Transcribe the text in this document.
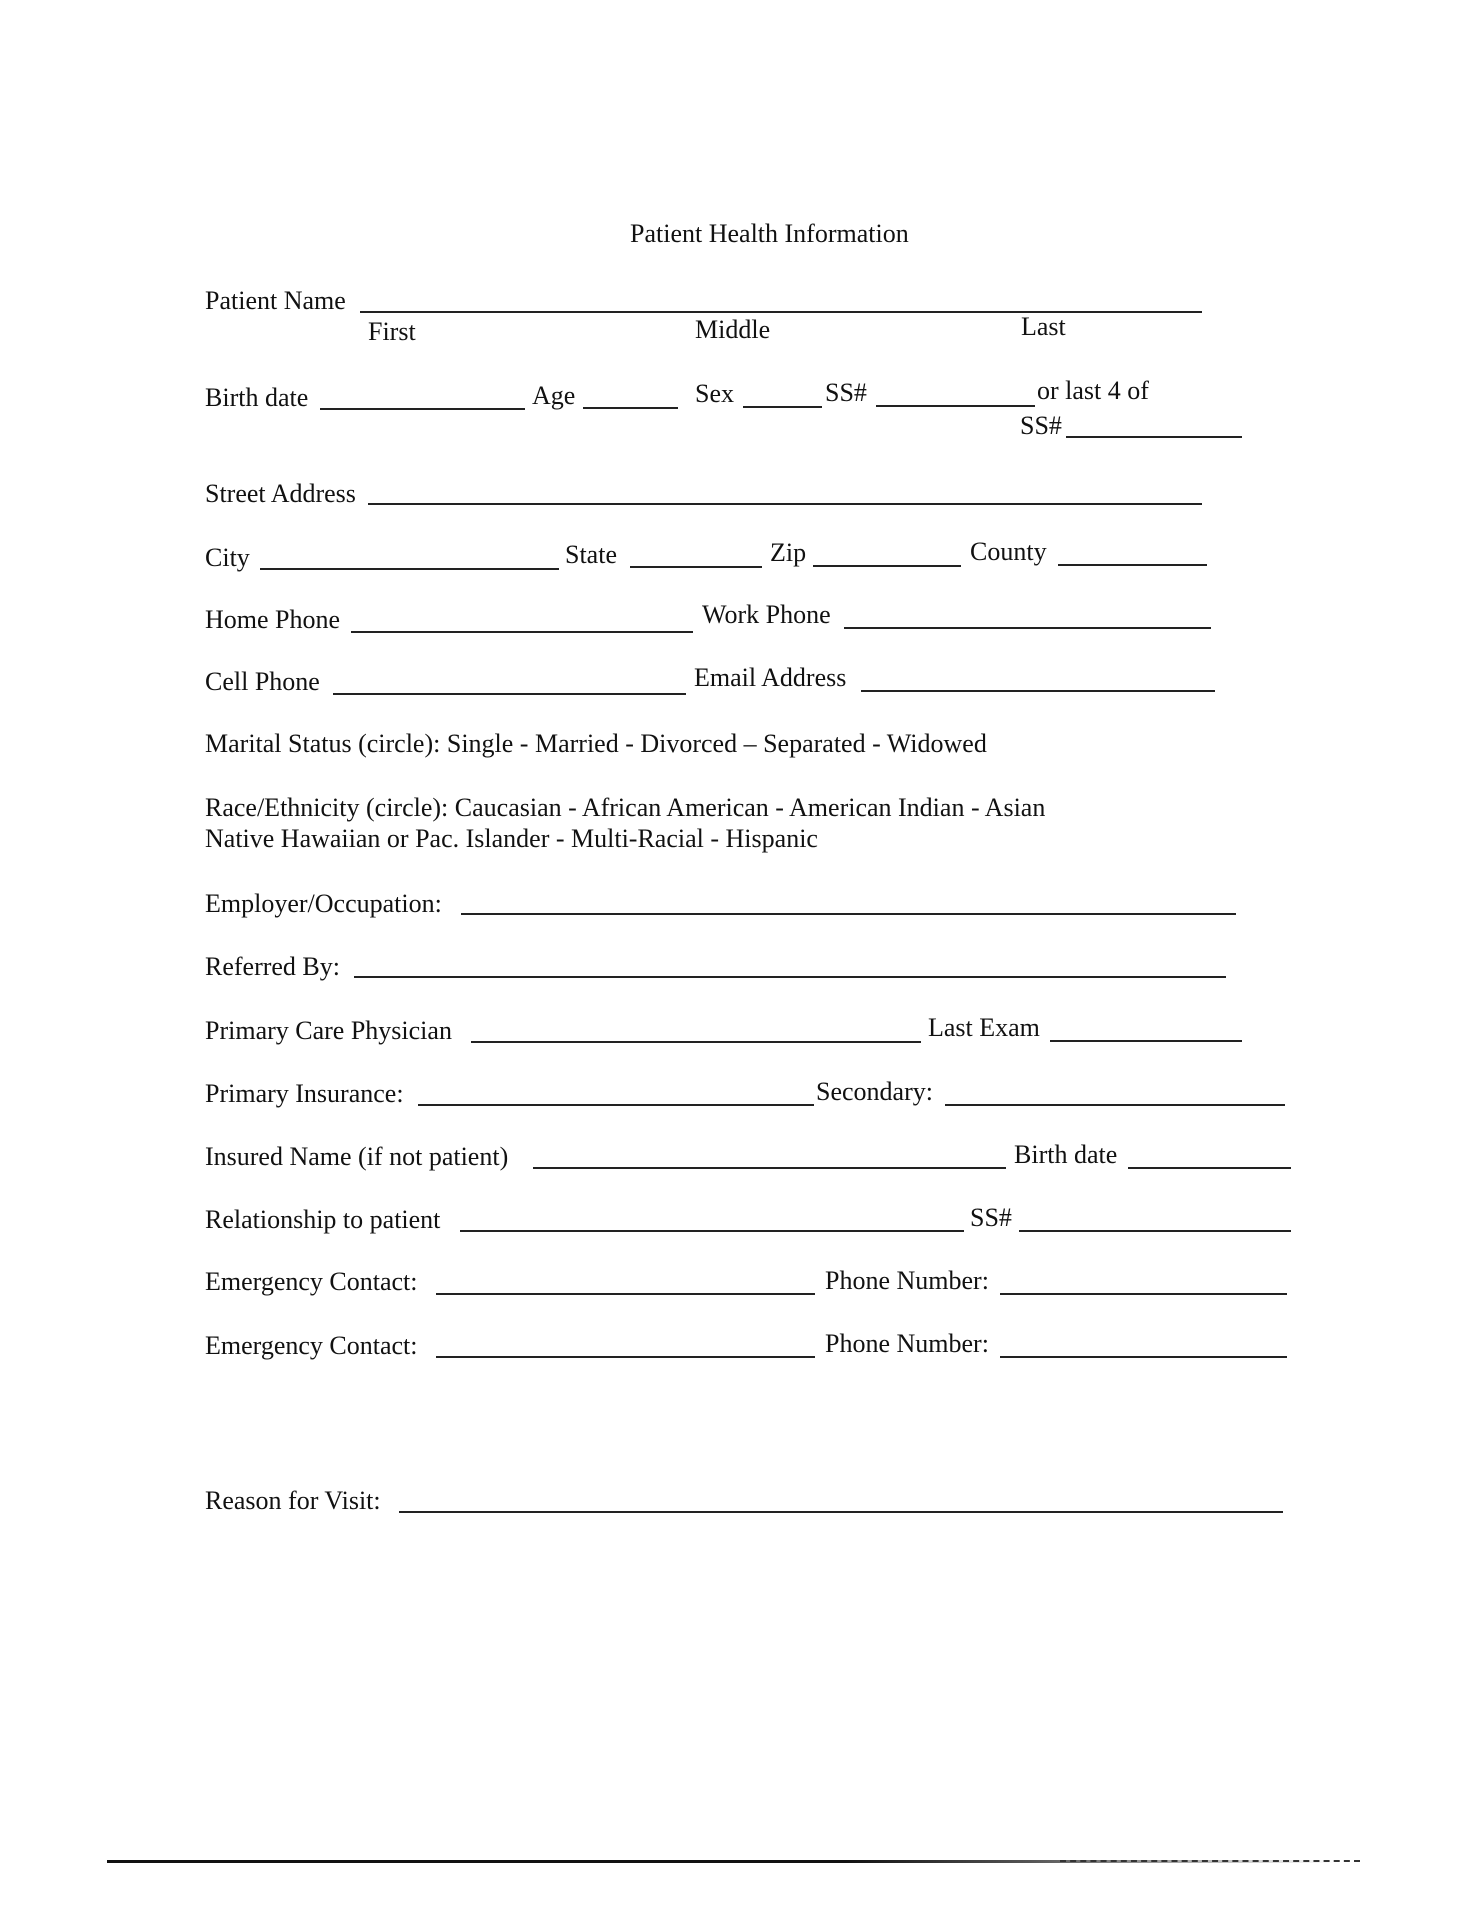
Patient Health Information
Patient Name
First	Middle	Last
Birth date	Age	Sex	SS#	or last 4 of
SS#
Street Address
City	State	Zip	County
Home Phone	Work Phone
Cell Phone	Email Address
Marital Status (circle): Single - Married - Divorced – Separated - Widowed
Race/Ethnicity (circle): Caucasian - African American - American Indian - Asian
Native Hawaiian or Pac. Islander - Multi-Racial - Hispanic
Employer/Occupation:
Referred By:
Primary Care Physician	Last Exam
Primary Insurance:	Secondary:
Insured Name (if not patient)	Birth date
Relationship to patient	SS#
Emergency Contact:	Phone Number:
Emergency Contact:	Phone Number:
Reason for Visit:
